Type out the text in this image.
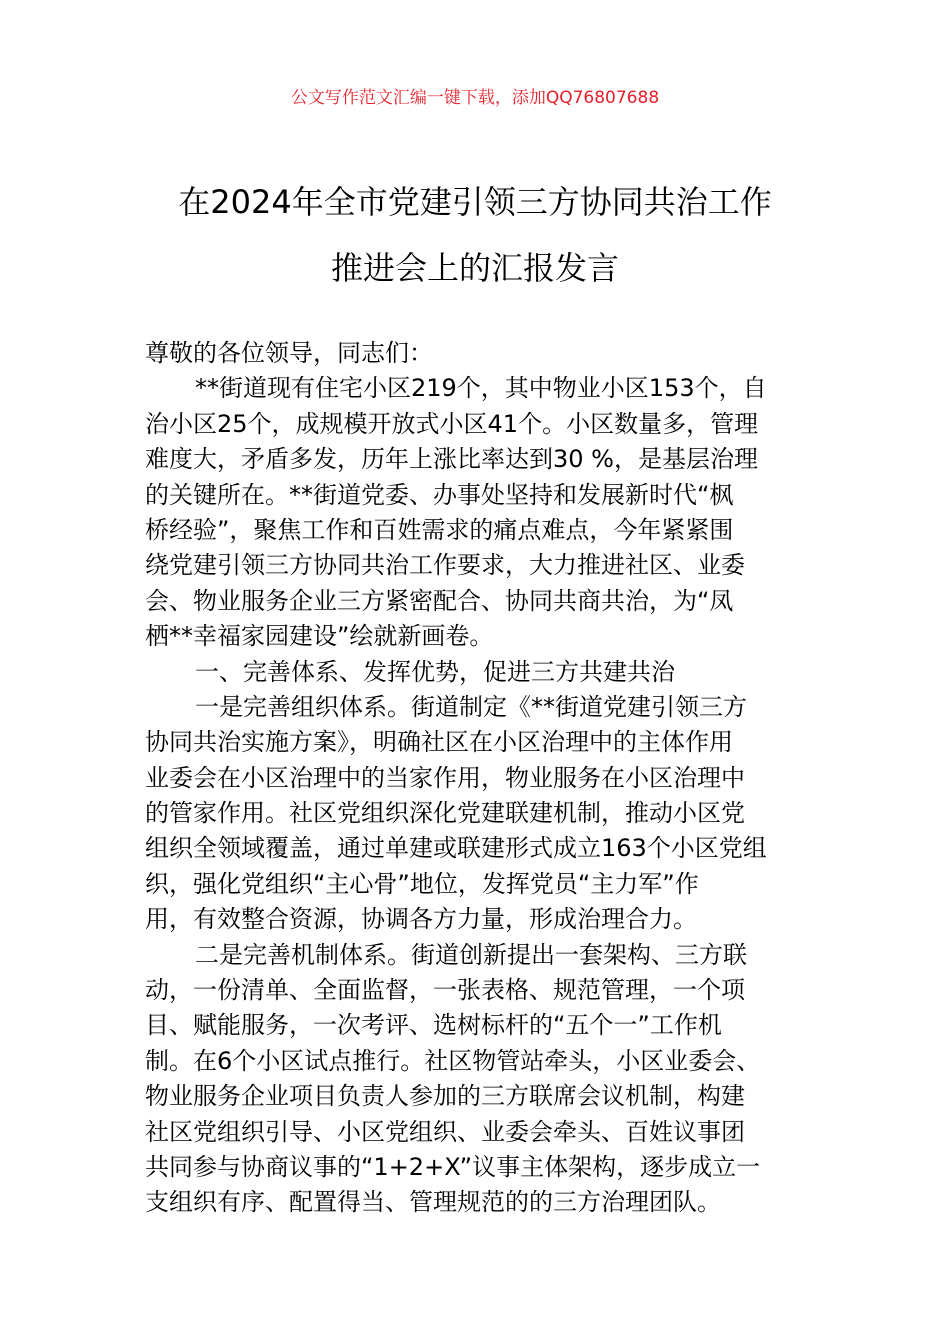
公文写作范文汇编一键下载，添加QQ76807688
在2024年全市党建引领三方协同共治工作
推进会上的汇报发言
尊敬的各位领导，同志们：
**街道现有住宅小区219个，其中物业小区153个，自
治小区25个，成规模开放式小区41个。小区数量多，管理
难度大，矛盾多发，历年上涨比率达到30 %，是基层治理
的关键所在。**街道党委、办事处坚持和发展新时代“枫
桥经验”，聚焦工作和百姓需求的痛点难点，今年紧紧围
绕党建引领三方协同共治工作要求，大力推进社区、业委
会、物业服务企业三方紧密配合、协同共商共治，为“凤
栖**幸福家园建设”绘就新画卷。
一、完善体系、发挥优势，促进三方共建共治
一是完善组织体系。街道制定《**街道党建引领三方
协同共治实施方案》，明确社区在小区治理中的主体作用
业委会在小区治理中的当家作用，物业服务在小区治理中
的管家作用。社区党组织深化党建联建机制，推动小区党
组织全领域覆盖，通过单建或联建形式成立163个小区党组
织，强化党组织“主心骨”地位，发挥党员“主力军”作
用，有效整合资源，协调各方力量，形成治理合力。
二是完善机制体系。街道创新提出一套架构、三方联
动，一份清单、全面监督，一张表格、规范管理，一个项
目、赋能服务，一次考评、选树标杆的“五个一”工作机
制。在6个小区试点推行。社区物管站牵头，小区业委会、
物业服务企业项目负责人参加的三方联席会议机制，构建
社区党组织引导、小区党组织、业委会牵头、百姓议事团
共同参与协商议事的“1+2+X”议事主体架构，逐步成立一
支组织有序、配置得当、管理规范的的三方治理团队。
